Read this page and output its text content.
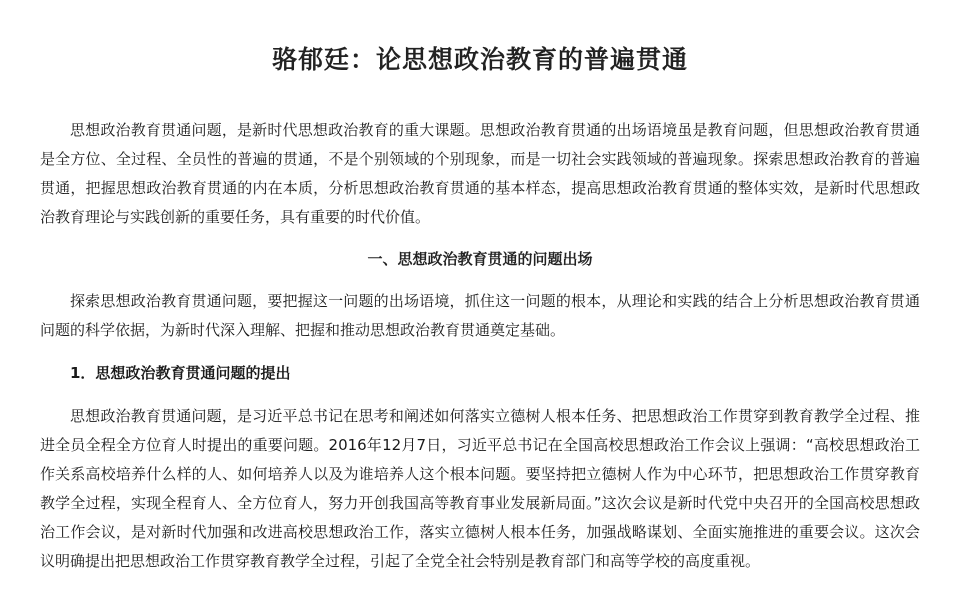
骆郁廷：论思想政治教育的普遍贯通

思想政治教育贯通问题，是新时代思想政治教育的重大课题。思想政治教育贯通的出场语境虽是教育问题，但思想政治教育贯通是全方位、全过程、全员性的普遍的贯通，不是个别领域的个别现象，而是一切社会实践领域的普遍现象。探索思想政治教育的普遍贯通，把握思想政治教育贯通的内在本质，分析思想政治教育贯通的基本样态，提高思想政治教育贯通的整体实效，是新时代思想政治教育理论与实践创新的重要任务，具有重要的时代价值。

一、思想政治教育贯通的问题出场

探索思想政治教育贯通问题，要把握这一问题的出场语境，抓住这一问题的根本，从理论和实践的结合上分析思想政治教育贯通问题的科学依据，为新时代深入理解、把握和推动思想政治教育贯通奠定基础。

1．思想政治教育贯通问题的提出

思想政治教育贯通问题，是习近平总书记在思考和阐述如何落实立德树人根本任务、把思想政治工作贯穿到教育教学全过程、推进全员全程全方位育人时提出的重要问题。2016年12月7日，习近平总书记在全国高校思想政治工作会议上强调：“高校思想政治工作关系高校培养什么样的人、如何培养人以及为谁培养人这个根本问题。要坚持把立德树人作为中心环节，把思想政治工作贯穿教育教学全过程，实现全程育人、全方位育人，努力开创我国高等教育事业发展新局面。”这次会议是新时代党中央召开的全国高校思想政治工作会议，是对新时代加强和改进高校思想政治工作，落实立德树人根本任务，加强战略谋划、全面实施推进的重要会议。这次会议明确提出把思想政治工作贯穿教育教学全过程，引起了全党全社会特别是教育部门和高等学校的高度重视。
